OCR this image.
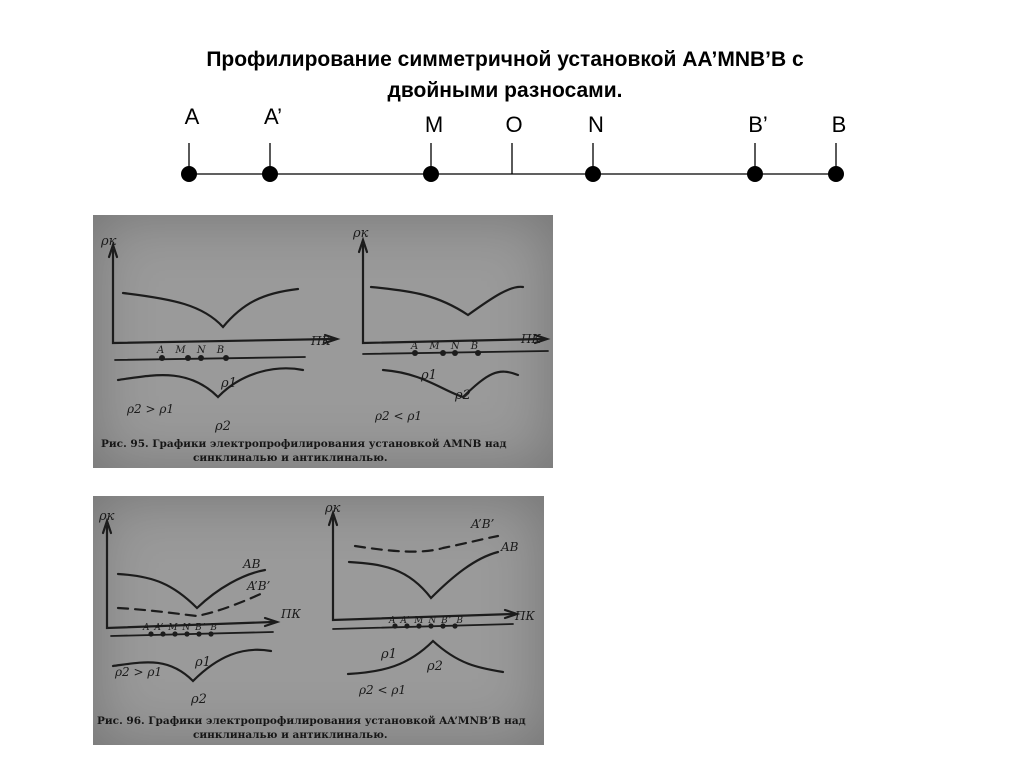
Профилирование симметричной установкой АА’MNB’B с
двойными разносами.
A	A’	M	O	N	B’	B
ρк
ПК
A M N B
ρ1
ρ2
ρ2 > ρ1
ρк
ПК
A M N B
ρ1
ρ2
ρ2 < ρ1
Рис. 95. Графики электропрофилирования установкой AMNB над
синклиналью и антиклиналью.
ρк
ПК
AB
A’B’
A A’ M N B’ B
ρ1
ρ2
ρ2 > ρ1
ρк
ПК
A’B’
AB
A A’ M N B’ B
ρ1
ρ2
ρ2 < ρ1
Рис. 96. Графики электропрофилирования установкой AA’MNB’B над
синклиналью и антиклиналью.
